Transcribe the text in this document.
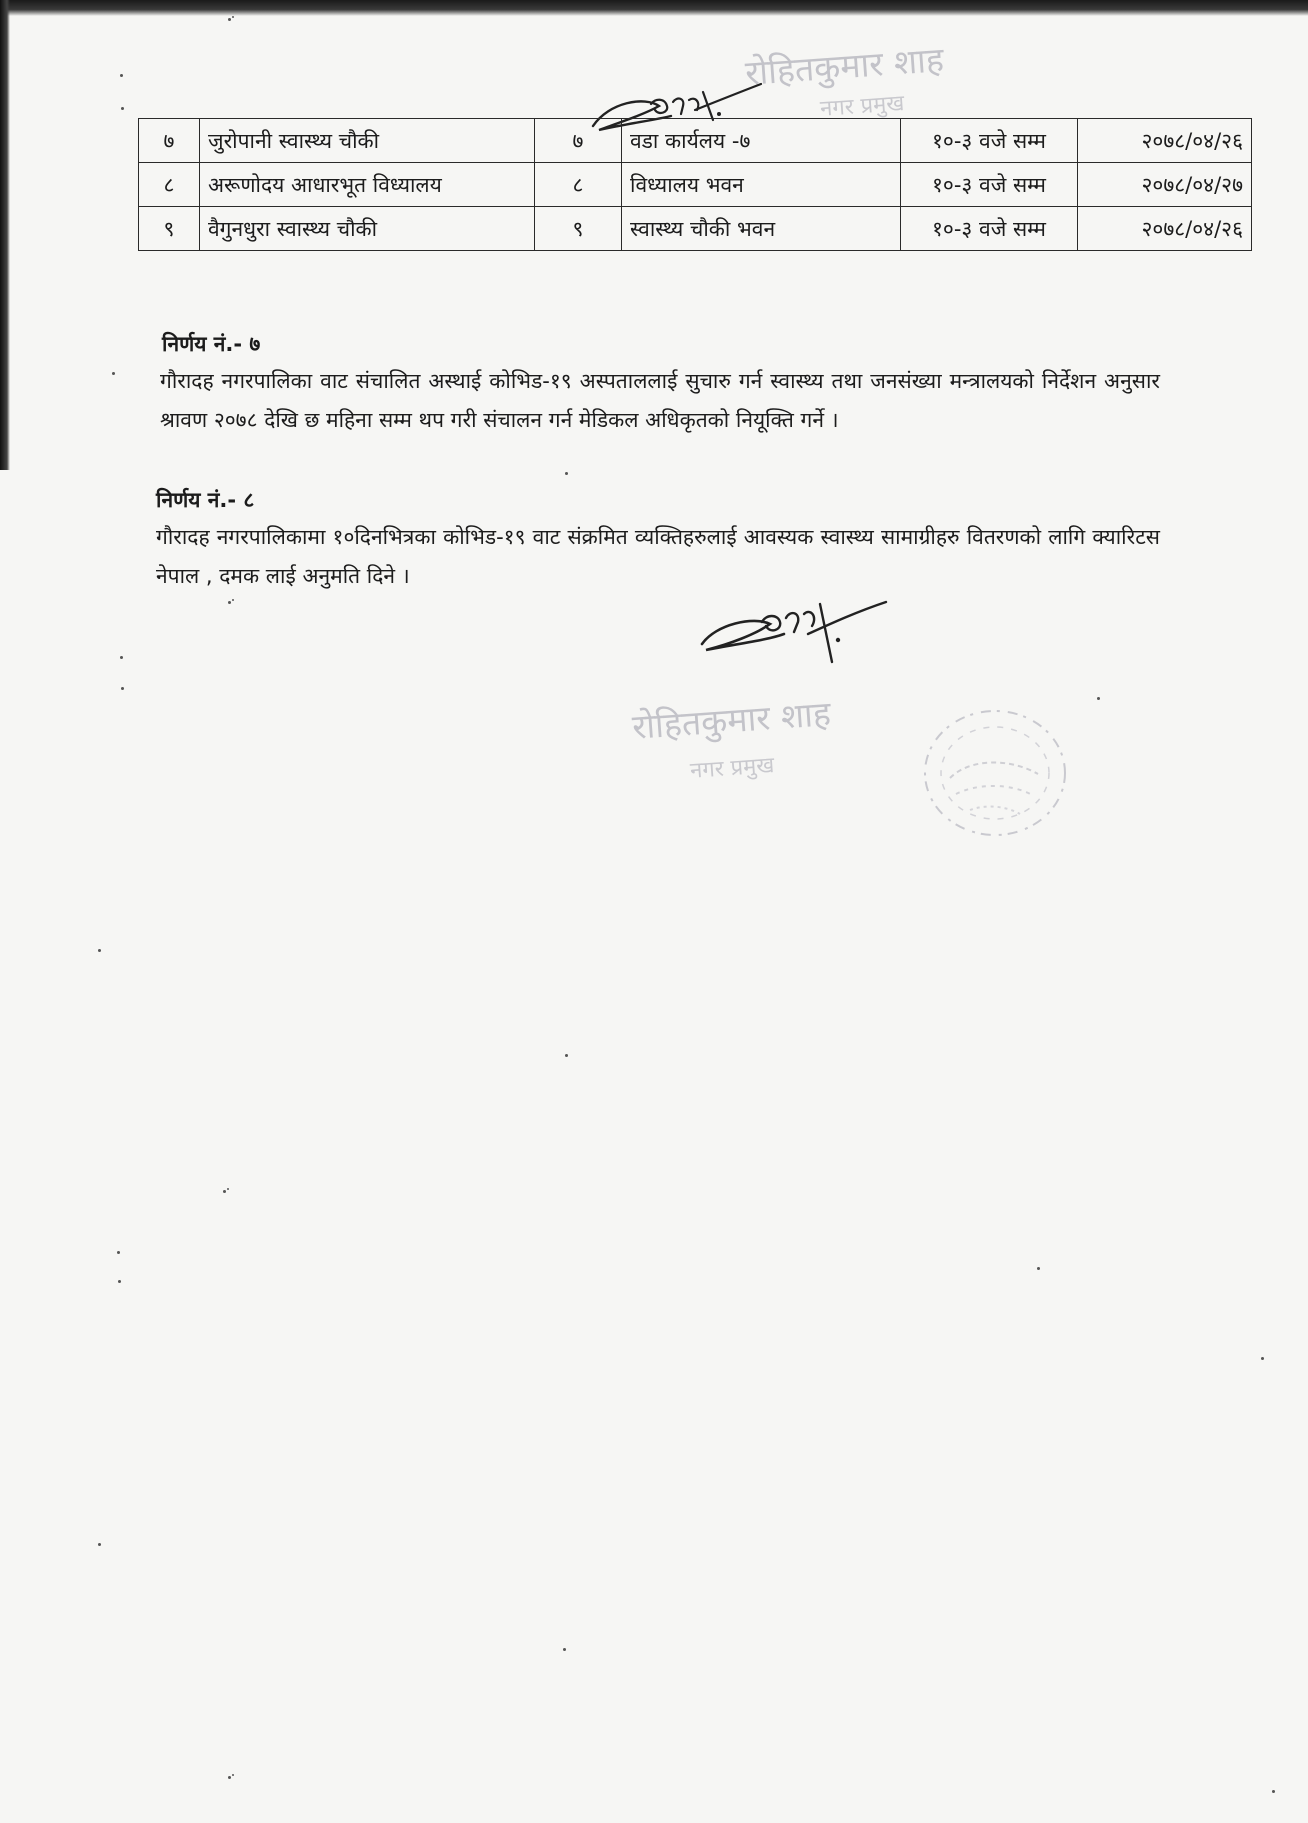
रोहितकुमार शाह
नगर प्रमुख
७	जुरोपानी स्वास्थ्य चौकी	७	वडा कार्यलय -७	१०-३ वजे सम्म	२०७८/०४/२६
८	अरूणोदय आधारभूत विध्यालय	८	विध्यालय भवन	१०-३ वजे सम्म	२०७८/०४/२७
९	वैगुनधुरा स्वास्थ्य चौकी	९	स्वास्थ्य चौकी भवन	१०-३ वजे सम्म	२०७८/०४/२६
निर्णय नं.- ७
गौरादह नगरपालिका वाट संचालित अस्थाई कोभिड-१९ अस्पताललाई सुचारु गर्न स्वास्थ्य तथा जनसंख्या मन्त्रालयको निर्देशन अनुसार श्रावण २०७८ देखि छ महिना सम्म थप गरी संचालन गर्न मेडिकल अधिकृतको नियूक्ति गर्ने ।
निर्णय नं.- ८
गौरादह नगरपालिकामा १०दिनभित्रका कोभिड-१९ वाट संक्रमित व्यक्तिहरुलाई आवस्यक स्वास्थ्य सामाग्रीहरु वितरणको लागि क्यारिटस नेपाल , दमक लाई अनुमति दिने ।
रोहितकुमार शाह
नगर प्रमुख
